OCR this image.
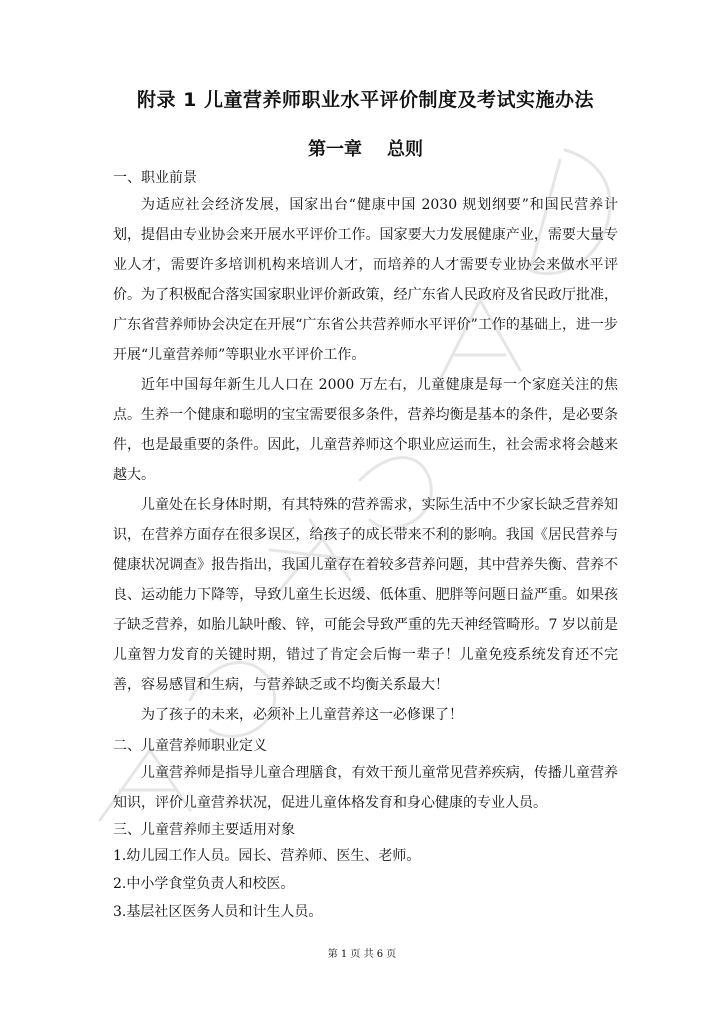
附录 1 儿童营养师职业水平评价制度及考试实施办法
第一章    总则

一、职业前景

为适应社会经济发展，国家出台“健康中国 2030 规划纲要”和国民营养计划，提倡由专业协会来开展水平评价工作。国家要大力发展健康产业，需要大量专业人才，需要许多培训机构来培训人才，而培养的人才需要专业协会来做水平评价。为了积极配合落实国家职业评价新政策，经广东省人民政府及省民政厅批准，广东省营养师协会决定在开展“广东省公共营养师水平评价”工作的基础上，进一步开展“儿童营养师”等职业水平评价工作。

近年中国每年新生儿人口在 2000 万左右，儿童健康是每一个家庭关注的焦点。生养一个健康和聪明的宝宝需要很多条件，营养均衡是基本的条件，是必要条件，也是最重要的条件。因此，儿童营养师这个职业应运而生，社会需求将会越来越大。

儿童处在长身体时期，有其特殊的营养需求，实际生活中不少家长缺乏营养知识，在营养方面存在很多误区，给孩子的成长带来不利的影响。我国《居民营养与健康状况调查》报告指出，我国儿童存在着较多营养问题，其中营养失衡、营养不良、运动能力下降等，导致儿童生长迟缓、低体重、肥胖等问题日益严重。如果孩子缺乏营养，如胎儿缺叶酸、锌，可能会导致严重的先天神经管畸形。7 岁以前是儿童智力发育的关键时期，错过了肯定会后悔一辈子！儿童免疫系统发育还不完善，容易感冒和生病，与营养缺乏或不均衡关系最大！

为了孩子的未来，必须补上儿童营养这一必修课了！

二、儿童营养师职业定义

儿童营养师是指导儿童合理膳食，有效干预儿童常见营养疾病，传播儿童营养知识，评价儿童营养状况，促进儿童体格发育和身心健康的专业人员。

三、儿童营养师主要适用对象

1.幼儿园工作人员。园长、营养师、医生、老师。

2.中小学食堂负责人和校医。

3.基层社区医务人员和计生人员。

第 1 页 共 6 页
